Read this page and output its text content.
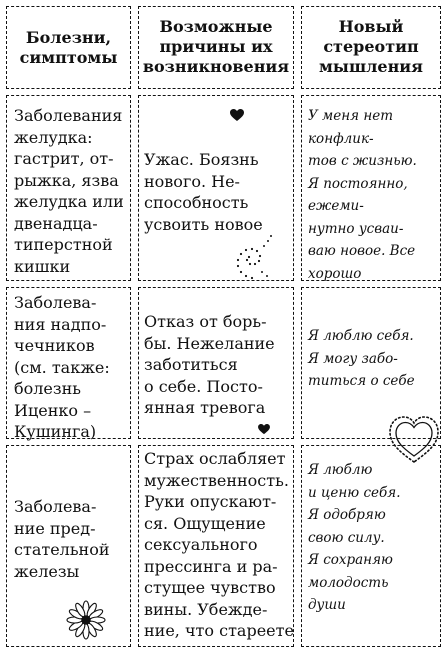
Болезни,
симптомы
Возможные
причины их
возникновения
Новый
стереотип
мышления
Заболевания
желудка:
гастрит, от-
рыжка, язва
желудка или
двенадца-
типерстной
кишки
Ужас. Боязнь
нового. Не-
способность
усвоить новое
У меня нет
конфлик-
тов с жизнью.
Я постоянно,
ежеми-
нутно усваи-
ваю новое. Все
хорошо
Заболева-
ния надпо-
чечников
(см. также:
болезнь
Иценко –
Кушинга)
Отказ от борь-
бы. Нежелание
заботиться
о себе. Посто-
янная тревога
Я люблю себя.
Я могу забо-
титься о себе
Заболева-
ние пред-
стательной
железы
Страх ослабляет
мужественность.
Руки опускают-
ся. Ощущение
сексуального
прессинга и ра-
стущее чувство
вины. Убежде-
ние, что стареете
Я люблю
и ценю себя.
Я одобряю
свою силу.
Я сохраняю
молодость
души
